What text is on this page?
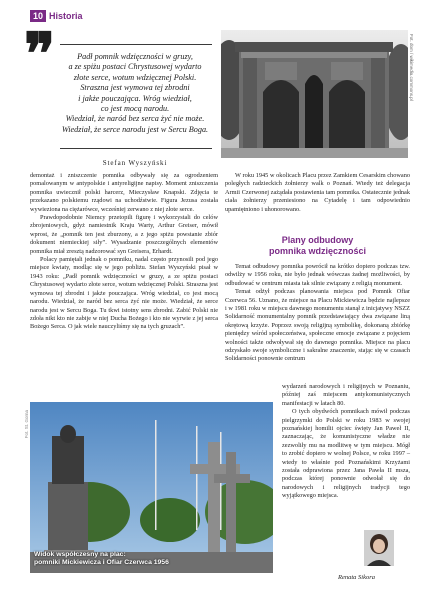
10 Historia
❞	Padł pomnik wdzięczności w gruzy,
a ze spiżu postaci Chrystusowej wydarto
złote serce, wotum wdzięcznej Polski.
Straszna jest wymowa tej zbrodni
i jakże pouczająca. Wróg wiedział,
co jest mocą narodu.
Wiedział, że naród bez serca żyć nie może.
Wiedział, że serce narodu jest w Sercu Boga.
Stefan Wyszyński
Fot. dom / wikimedia.commons.pl

demontaż i zniszczenie pomnika odbywały się za ogrodzeniem pomalowanym w antypolskie i antyreligijne napisy. Moment zniszczenia pomnika uwiecznił polski harcerz, Mieczysław Knapski. Zdjęcia te przekazano polskiemu rządowi na uchodźstwie. Figura Jezusa została wywieziona na ciężarówce, wcześniej zerwano z niej złote serce.

Prawdopodobnie Niemcy przetopili figurę i wykorzystali do celów zbrojeniowych, gdyż namiestnik Kraju Warty, Arthur Greiser, mówił wprost, że „pomnik ten jest zburzony, a z jego spiżu powstanie zbiór dokument niemieckiej siły”. Wysadzanie poszczególnych elementów pomnika miał zresztą nadzorować syn Greisera, Erhardt.

Polacy pamiętali jednak o pomniku, nadal często przynosili pod jego miejsce kwiaty, modląc się w jego pobliżu. Stefan Wyszyński pisał w 1943 roku: „Padł pomnik wdzięczności w gruzy, a ze spiżu postaci Chrystusowej wydarto złote serce, wotum wdzięcznej Polski. Straszna jest wymowa tej zbrodni i jakże pouczająca. Wróg wiedział, co jest mocą narodu. Wiedział, że naród bez serca żyć nie może. Wiedział, że serce narodu jest w Sercu Boga. Tu tkwi istotny sens zbrodni. Zabić Polski nie zdoła nikt kto nie zabije w niej Ducha Bożego i kto nie wyrwie z jej serca Bożego Serca. O jak wiele nauczyliśmy się na tych gruzach”.

W roku 1945 w okolicach Placu przez Zamkiem Cesarskim chowano poległych radzieckich żołnierzy walk o Poznań. Wtedy też delegacja Armii Czerwonej zażądała postawienia tam pomnika. Ostatecznie jednak ciała żołnierzy przeniesiono na Cytadelę i tam odpowiednio upamiętniono i uhonorowano.

Plany odbudowy
pomnika wdzięczności

Temat odbudowy pomnika powrócił na krótko dopiero podczas tzw. odwilży w 1956 roku, nie było jednak wówczas żadnej możliwości, by odbudować w centrum miasta tak silnie związany z religią monument.

Temat odżył podczas planowania miejsca pod Pomnik Ofiar Czerwca 56. Uznano, że miejsce na Placu Mickiewicza będzie najlepsze i w 1981 roku w miejscu dawnego monumentu stanął z inicjatywy NSZZ Solidarność monumentalny pomnik przedstawiający dwa związane liną okrętową krzyże. Poprzez swoją religijną symbolikę, dokonaną zbiórkę pieniędzy wśród społeczeństwa, społeczne emocje związane z pojęciem wolności także odwoływał się do dawnego pomnika. Miejsce na placu odzyskało swoje symboliczne i sakralne znaczenie, stając się w czasach Solidarności ponownie centrum

wydarzeń narodowych i religijnych w Poznaniu, później zaś miejscem antykomunistycznych manifestacji w latach 80.

O tych obydwóch pomnikach mówił podczas pielgrzymki do Polski w roku 1983 w swojej poznańskiej homilii ojciec święty Jan Paweł II, zaznaczając, że komunistyczne władze nie zezwoliły mu na modlitwę w tym miejscu. Mógł to zrobić dopiero w wolnej Polsce, w roku 1997 – wtedy to właśnie pod Poznańskimi Krzyżami została odprawiona przez Jana Pawła II msza, podczas której ponownie odwołał się do narodowych i religijnych tradycji tego wyjątkowego miejsca.

Fot. St. Gorna
Widok współczesny na plac:
pomniki Mickiewicza i Ofiar Czerwca 1956
Renata Sikora
